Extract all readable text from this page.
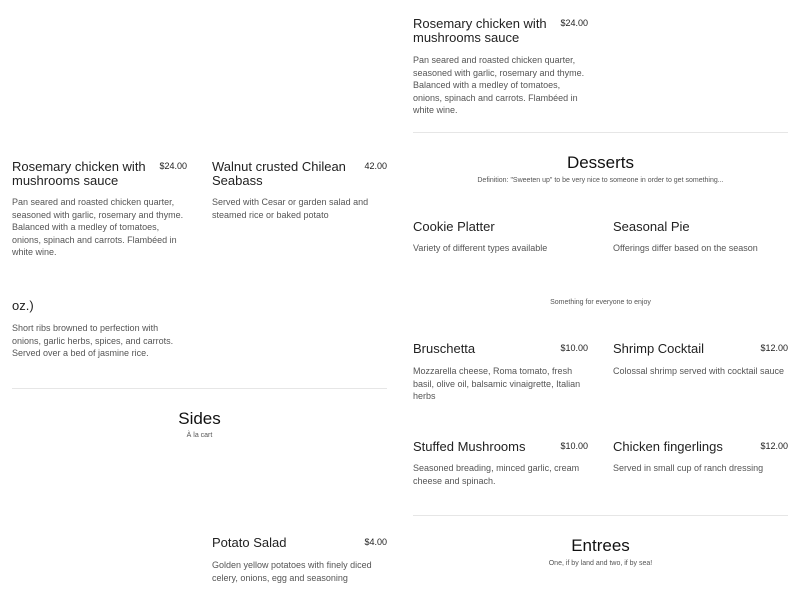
Rosemary chicken with mushrooms sauce
$24.00
Pan seared and roasted chicken quarter, seasoned with garlic, rosemary and thyme. Balanced with a medley of tomatoes, onions, spinach and carrots. Flambéed in white wine.
Rosemary chicken with mushrooms sauce
$24.00
Pan seared and roasted chicken quarter, seasoned with garlic, rosemary and thyme. Balanced with a medley of tomatoes, onions, spinach and carrots. Flambéed in white wine.
Walnut crusted Chilean Seabass
42.00
Served with Cesar or garden salad and steamed rice or baked potato
oz.)
Short ribs browned to perfection with onions, garlic herbs, spices, and carrots. Served over a bed of jasmine rice.
Sides
À la cart
Potato Salad	$4.00
Golden yellow potatoes with finely diced celery, onions, egg and seasoning
Desserts
Definition: "Sweeten up" to be very nice to someone in order to get something...
Cookie Platter
Variety of different types available
Seasonal Pie
Offerings differ based on the season
Something for everyone to enjoy
Bruschetta	$10.00
Mozzarella cheese, Roma tomato, fresh basil, olive oil, balsamic vinaigrette, Italian herbs
Shrimp Cocktail	$12.00
Colossal shrimp served with cocktail sauce
Stuffed Mushrooms	$10.00
Seasoned breading, minced garlic, cream cheese and spinach.
Chicken fingerlings	$12.00
Served in small cup of ranch dressing
Entrees
One, if by land and two, if by sea!
